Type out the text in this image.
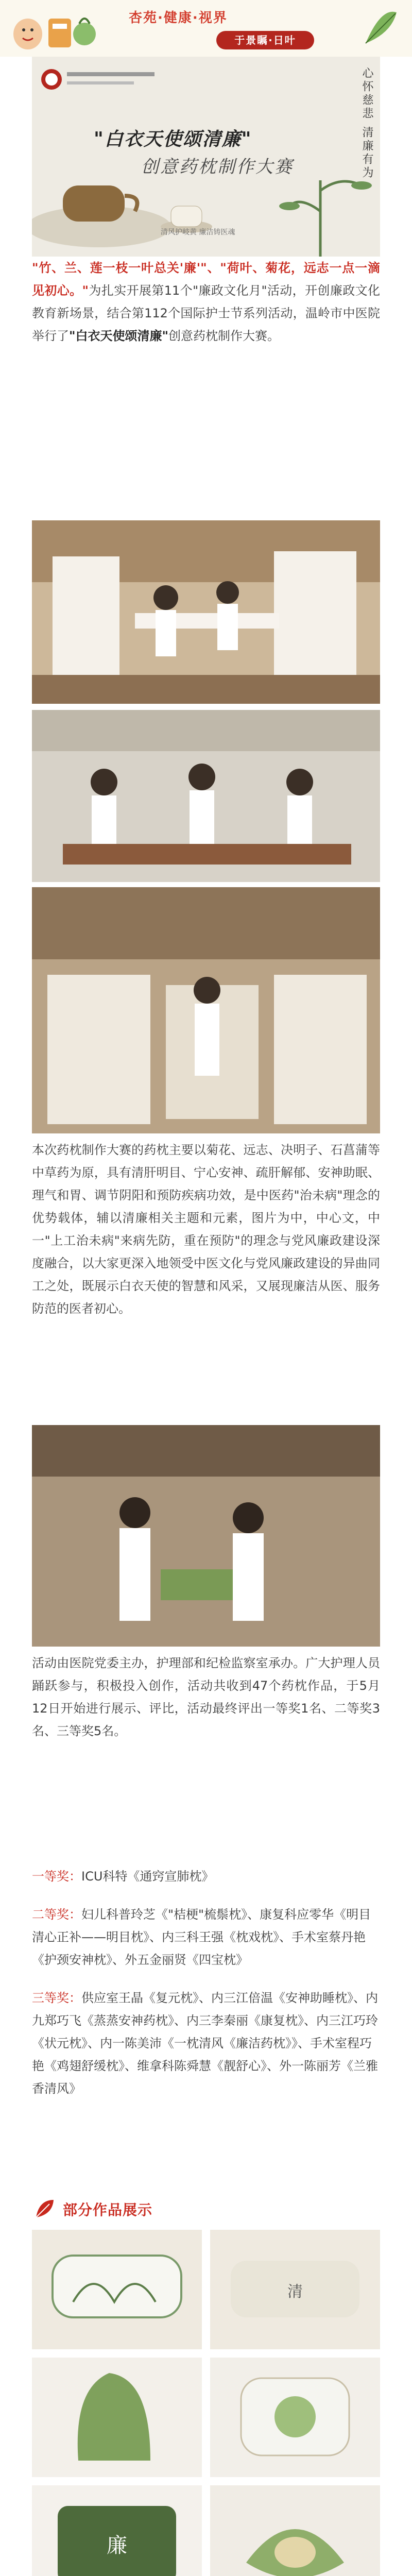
杏苑·健康·视界
于景瞩·日叶
"白衣天使颂清廉"
创意药枕制作大赛	心怀慈悲 清廉有为
清风护岐黄 廉洁铸医魂
"竹、兰、莲一枝一叶总关'廉'"、"荷叶、菊花，远志一点一滴见初心。"为扎实开展第11个"廉政文化月"活动，开创廉政文化教育新场景，结合第112个国际护士节系列活动，温岭市中医院举行了"白衣天使颂清廉"创意药枕制作大赛。
本次药枕制作大赛的药枕主要以菊花、远志、决明子、石菖蒲等中草药为原，具有清肝明目、宁心安神、疏肝解郁、安神助眠、理气和胃、调节阴阳和预防疾病功效，是中医药"治未病"理念的优势载体，辅以清廉相关主题和元素，图片为中，中心文，中一"上工治未病"来病先防，重在预防"的理念与党风廉政建设深度融合，以大家更深入地领受中医文化与党风廉政建设的异曲同工之处，既展示白衣天使的智慧和风采，又展现廉洁从医、服务防范的医者初心。
活动由医院党委主办，护理部和纪检监察室承办。广大护理人员踊跃参与，积极投入创作，活动共收到47个药枕作品，于5月12日开始进行展示、评比，活动最终评出一等奖1名、二等奖3名、三等奖5名。
一等奖：ICU科特《通窍宣肺枕》
二等奖：妇儿科普玲芝《"桔梗"梳鬃枕》、康复科应零华《明目清心正补——明目枕》、内三科王强《枕戏枕》、手术室蔡丹艳《护颈安神枕》、外五金丽贤《四宝枕》
三等奖：供应室王晶《复元枕》、内三江倍温《安神助睡枕》、内九郑巧飞《蒸蒸安神药枕》、内三李秦丽《康复枕》、内三江巧玲《状元枕》、内一陈美沛《一枕清风《廉洁药枕》》、手术室程巧艳《鸡翅舒缓枕》、维拿科陈舜慧《靓舒心》、外一陈丽芳《兰雅香清风》
部分作品展示
清
廉
